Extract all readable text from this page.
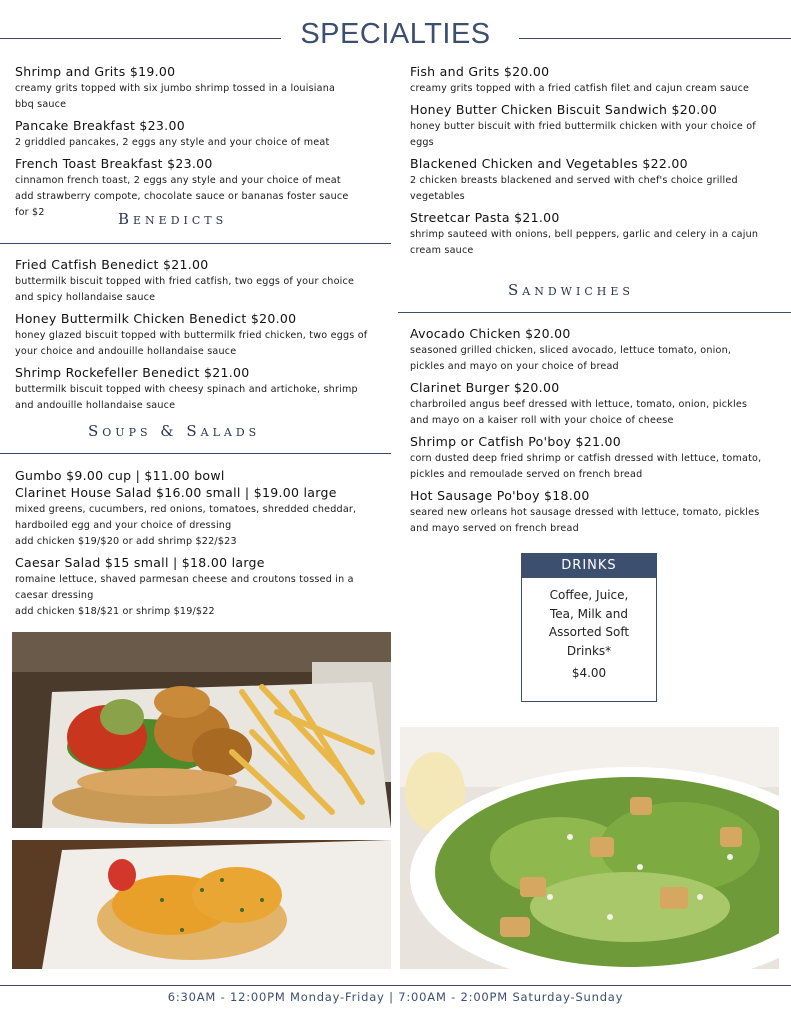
SPECIALTIES
Shrimp and Grits $19.00
creamy grits topped with six jumbo shrimp tossed in a louisiana
bbq sauce
Pancake Breakfast $23.00
2 griddled pancakes, 2 eggs any style and your choice of meat
French Toast Breakfast $23.00
cinnamon french toast, 2 eggs any style and your choice of meat
add strawberry compote, chocolate sauce or bananas foster sauce
for $2
Fish and Grits $20.00
creamy grits topped with a fried catfish filet and cajun cream sauce
Honey Butter Chicken Biscuit Sandwich $20.00
honey butter biscuit with fried buttermilk chicken with your choice of
eggs
Blackened Chicken and Vegetables $22.00
2 chicken breasts blackened and served with chef's choice grilled
vegetables
Streetcar Pasta $21.00
shrimp sauteed with onions, bell peppers, garlic and celery in a cajun
cream sauce
Benedicts
Fried Catfish Benedict $21.00
buttermilk biscuit topped with fried catfish, two eggs of your choice
and spicy hollandaise sauce
Honey Buttermilk Chicken Benedict $20.00
honey glazed biscuit topped with buttermilk fried chicken, two eggs of
your choice and andouille hollandaise sauce
Shrimp Rockefeller Benedict $21.00
buttermilk biscuit topped with cheesy spinach and artichoke, shrimp
and andouille hollandaise sauce
Soups & Salads
Gumbo $9.00 cup | $11.00 bowl
Clarinet House Salad $16.00 small | $19.00 large
mixed greens, cucumbers, red onions, tomatoes, shredded cheddar,
hardboiled egg and your choice of dressing
add chicken $19/$20 or add shrimp $22/$23
Caesar Salad $15 small | $18.00 large
romaine lettuce, shaved parmesan cheese and croutons tossed in a
caesar dressing
add chicken $18/$21 or shrimp $19/$22
Sandwiches
Avocado Chicken $20.00
seasoned grilled chicken, sliced avocado, lettuce tomato, onion,
pickles and mayo on your choice of bread
Clarinet Burger $20.00
charbroiled angus beef dressed with lettuce, tomato, onion, pickles
and mayo on a kaiser roll with your choice of cheese
Shrimp or Catfish Po'boy $21.00
corn dusted deep fried shrimp or catfish dressed with lettuce, tomato,
pickles and remoulade served on french bread
Hot Sausage Po'boy $18.00
seared new orleans hot sausage dressed with lettuce, tomato, pickles
and mayo served on french bread
DRINKS
Coffee, Juice,
Tea, Milk and
Assorted Soft
Drinks*
$4.00
6:30AM - 12:00PM Monday-Friday | 7:00AM - 2:00PM Saturday-Sunday
